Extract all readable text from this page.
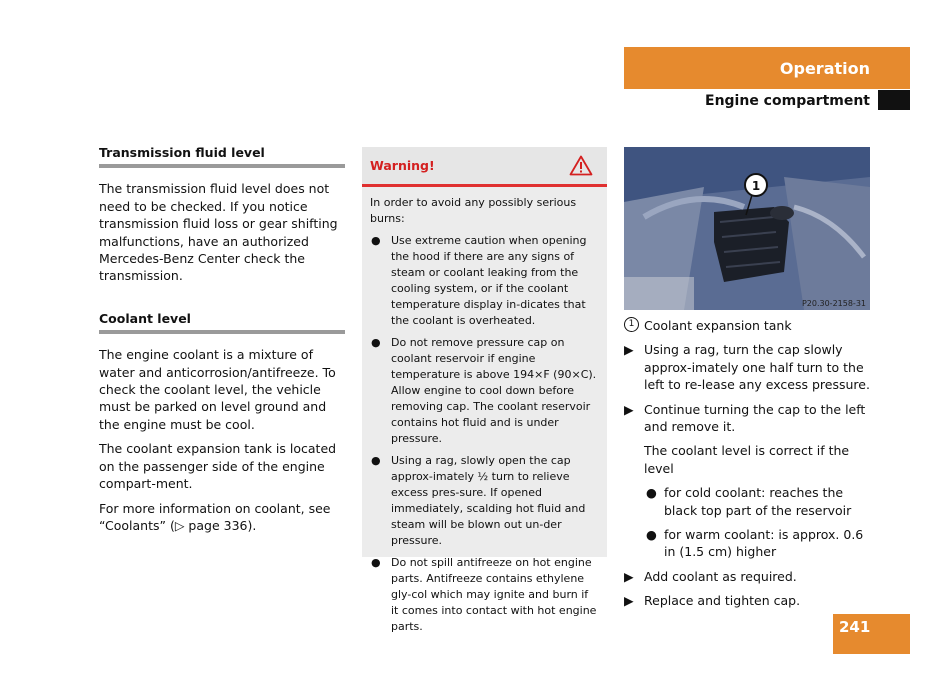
Operation
Engine compartment
Transmission fluid level

The transmission fluid level does not need to be checked. If you notice transmission fluid loss or gear shifting malfunctions, have an authorized Mercedes-Benz Center check the transmission.

Coolant level

The engine coolant is a mixture of water and anticorrosion/antifreeze. To check the coolant level, the vehicle must be parked on level ground and the engine must be cool.

The coolant expansion tank is located on the passenger side of the engine compart-ment.

For more information on coolant, see “Coolants” (▷ page 336).

Warning!
In order to avoid any possibly serious burns:
● Use extreme caution when opening the hood if there are any signs of steam or coolant leaking from the cooling system, or if the coolant temperature display in-dicates that the coolant is overheated.
● Do not remove pressure cap on coolant reservoir if engine temperature is above 194×F (90×C). Allow engine to cool down before removing cap. The coolant reservoir contains hot fluid and is under pressure.
● Using a rag, slowly open the cap approx-imately ½ turn to relieve excess pres-sure. If opened immediately, scalding hot fluid and steam will be blown out un-der pressure.
● Do not spill antifreeze on hot engine parts. Antifreeze contains ethylene gly-col which may ignite and burn if it comes into contact with hot engine parts.
1
P20.30-2158-31
1 Coolant expansion tank
▶ Using a rag, turn the cap slowly approx-imately one half turn to the left to re-lease any excess pressure.
▶ Continue turning the cap to the left and remove it.
The coolant level is correct if the level
● for cold coolant: reaches the black top part of the reservoir
● for warm coolant: is approx. 0.6 in (1.5 cm) higher
▶ Add coolant as required.
▶ Replace and tighten cap.
241
